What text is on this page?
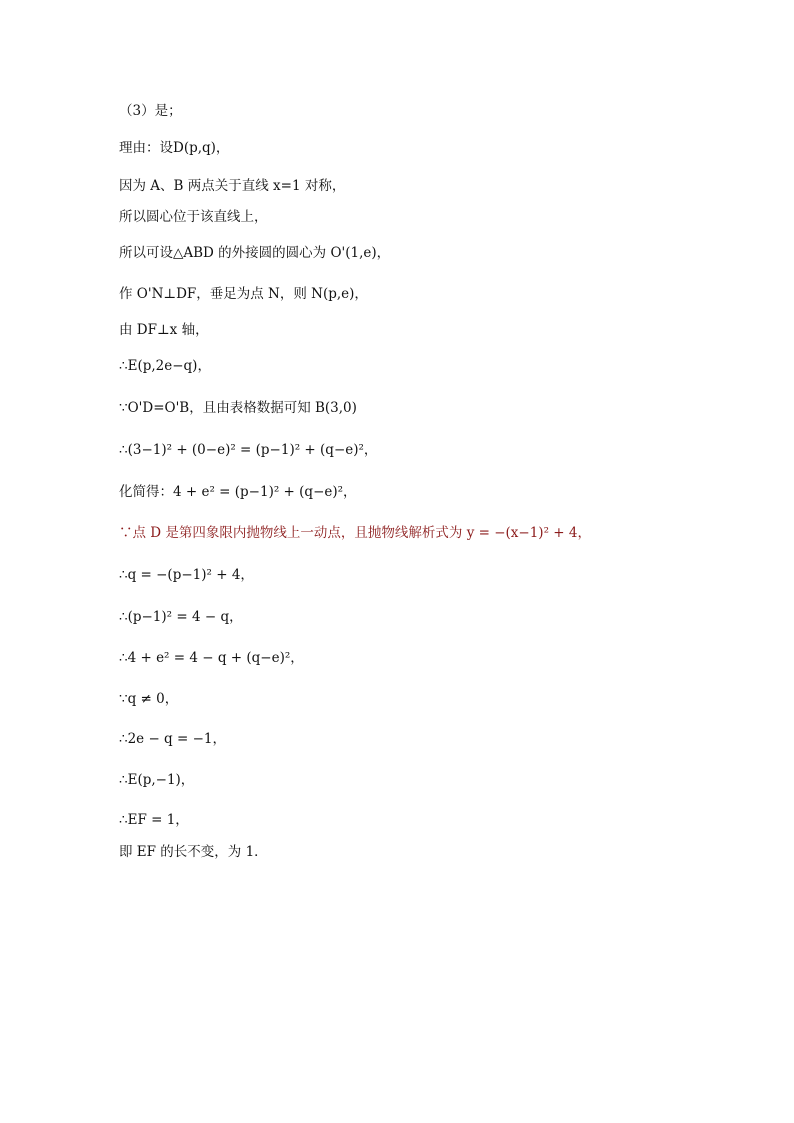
（3）是；
理由：设D(p,q)，
因为 A、B 两点关于直线 x=1 对称，
所以圆心位于该直线上，
所以可设△ABD 的外接圆的圆心为 O'(1,e)，
作 O'N⊥DF，垂足为点 N，则 N(p,e)，
由 DF⊥x 轴，
∴E(p,2e−q)，
∵O'D=O'B，且由表格数据可知 B(3,0)
∴(3−1)² + (0−e)² = (p−1)² + (q−e)²，
化简得：4 + e² = (p−1)² + (q−e)²，
∵点 D 是第四象限内抛物线上一动点，且抛物线解析式为 y = −(x−1)² + 4，
∴q = −(p−1)² + 4，
∴(p−1)² = 4 − q，
∴4 + e² = 4 − q + (q−e)²，
∵q ≠ 0，
∴2e − q = −1，
∴E(p,−1)，
∴EF = 1，
即 EF 的长不变，为 1．
